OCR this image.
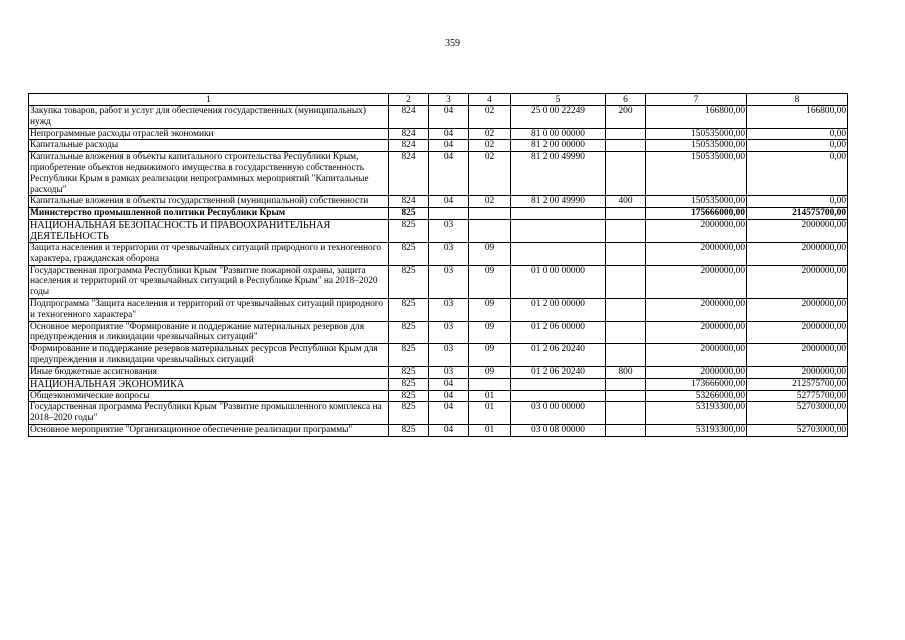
359
1	2	3	4	5	6	7	8
Закупка товаров, работ и услуг для обеспечения государственных (муниципальных) нужд	824	04	02	25 0 00 22249	200	166800,00	166800,00
Непрограммные расходы отраслей экономики	824	04	02	81 0 00 00000		150535000,00	0,00
Капитальные расходы	824	04	02	81 2 00 00000		150535000,00	0,00
Капитальные вложения в объекты капитального строительства Республики Крым, приобретение объектов недвижимого имущества в государственную собственность Республики Крым в рамках реализации непрограммных мероприятий "Капитальные расходы"	824	04	02	81 2 00 49990		150535000,00	0,00
Капитальные вложения в объекты государственной (муниципальной) собственности	824	04	02	81 2 00 49990	400	150535000,00	0,00
Министерство промышленной политики Республики Крым	825					175666000,00	214575700,00
НАЦИОНАЛЬНАЯ БЕЗОПАСНОСТЬ И ПРАВООХРАНИТЕЛЬНАЯ ДЕЯТЕЛЬНОСТЬ	825	03				2000000,00	2000000,00
Защита населения и территории от чрезвычайных ситуаций природного и техногенного характера, гражданская оборона	825	03	09			2000000,00	2000000,00
Государственная программа Республики Крым "Развитие пожарной охраны, защита населения и территорий от чрезвычайных ситуаций в Республике Крым" на 2018–2020 годы	825	03	09	01 0 00 00000		2000000,00	2000000,00
Подпрограмма "Защита населения и территорий от чрезвычайных ситуаций природного и техногенного характера"	825	03	09	01 2 00 00000		2000000,00	2000000,00
Основное мероприятие "Формирование и поддержание материальных резервов для предупреждения и ликвидации чрезвычайных ситуаций"	825	03	09	01 2 06 00000		2000000,00	2000000,00
Формирование и поддержание резервов материальных ресурсов Республики Крым для предупреждения и ликвидации чрезвычайных ситуаций	825	03	09	01 2 06 20240		2000000,00	2000000,00
Иные бюджетные ассигнования	825	03	09	01 2 06 20240	800	2000000,00	2000000,00
НАЦИОНАЛЬНАЯ ЭКОНОМИКА	825	04				173666000,00	212575700,00
Общеэкономические вопросы	825	04	01			53266000,00	52775700,00
Государственная программа Республики Крым "Развитие промышленного комплекса на 2018–2020 годы"	825	04	01	03 0 00 00000		53193300,00	52703000,00
Основное мероприятие "Организационное обеспечение реализации программы"	825	04	01	03 0 08 00000		53193300,00	52703000,00
